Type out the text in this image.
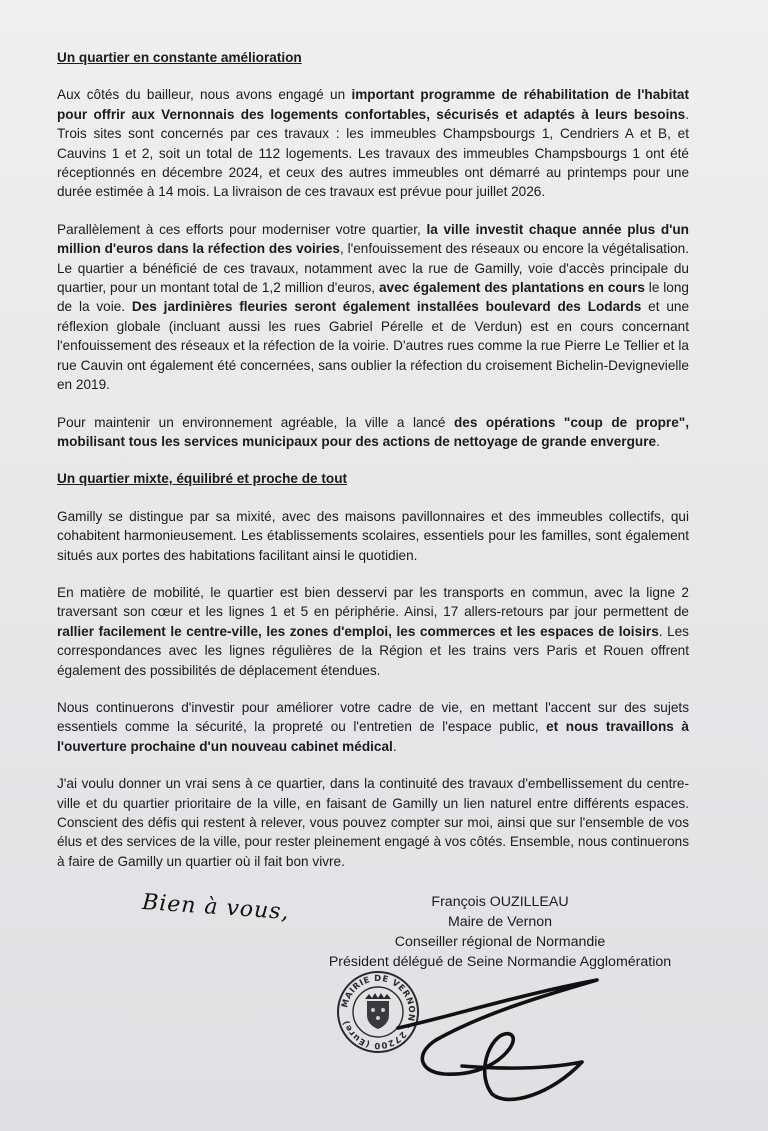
Un quartier en constante amélioration

Aux côtés du bailleur, nous avons engagé un important programme de réhabilitation de l'habitat pour offrir aux Vernonnais des logements confortables, sécurisés et adaptés à leurs besoins. Trois sites sont concernés par ces travaux : les immeubles Champsbourgs 1, Cendriers A et B, et Cauvins 1 et 2, soit un total de 112 logements. Les travaux des immeubles Champsbourgs 1 ont été réceptionnés en décembre 2024, et ceux des autres immeubles ont démarré au printemps pour une durée estimée à 14 mois. La livraison de ces travaux est prévue pour juillet 2026.

Parallèlement à ces efforts pour moderniser votre quartier, la ville investit chaque année plus d'un million d'euros dans la réfection des voiries, l'enfouissement des réseaux ou encore la végétalisation. Le quartier a bénéficié de ces travaux, notamment avec la rue de Gamilly, voie d'accès principale du quartier, pour un montant total de 1,2 million d'euros, avec également des plantations en cours le long de la voie. Des jardinières fleuries seront également installées boulevard des Lodards et une réflexion globale (incluant aussi les rues Gabriel Pérelle et de Verdun) est en cours concernant l'enfouissement des réseaux et la réfection de la voirie. D'autres rues comme la rue Pierre Le Tellier et la rue Cauvin ont également été concernées, sans oublier la réfection du croisement Bichelin-Devignevielle en 2019.

Pour maintenir un environnement agréable, la ville a lancé des opérations "coup de propre", mobilisant tous les services municipaux pour des actions de nettoyage de grande envergure.

Un quartier mixte, équilibré et proche de tout

Gamilly se distingue par sa mixité, avec des maisons pavillonnaires et des immeubles collectifs, qui cohabitent harmonieusement. Les établissements scolaires, essentiels pour les familles, sont également situés aux portes des habitations facilitant ainsi le quotidien.

En matière de mobilité, le quartier est bien desservi par les transports en commun, avec la ligne 2 traversant son cœur et les lignes 1 et 5 en périphérie. Ainsi, 17 allers-retours par jour permettent de rallier facilement le centre-ville, les zones d'emploi, les commerces et les espaces de loisirs. Les correspondances avec les lignes régulières de la Région et les trains vers Paris et Rouen offrent également des possibilités de déplacement étendues.

Nous continuerons d'investir pour améliorer votre cadre de vie, en mettant l'accent sur des sujets essentiels comme la sécurité, la propreté ou l'entretien de l'espace public, et nous travaillons à l'ouverture prochaine d'un nouveau cabinet médical.

J'ai voulu donner un vrai sens à ce quartier, dans la continuité des travaux d'embellissement du centre-ville et du quartier prioritaire de la ville, en faisant de Gamilly un lien naturel entre différents espaces. Conscient des défis qui restent à relever, vous pouvez compter sur moi, ainsi que sur l'ensemble de vos élus et des services de la ville, pour rester pleinement engagé à vos côtés. Ensemble, nous continuerons à faire de Gamilly un quartier où il fait bon vivre.

Bien à vous,	François OUZILLEAU
Maire de Vernon
Conseiller régional de Normandie
Président délégué de Seine Normandie Agglomération
MAIRIE DE VERNON · 27200 (Eure)
